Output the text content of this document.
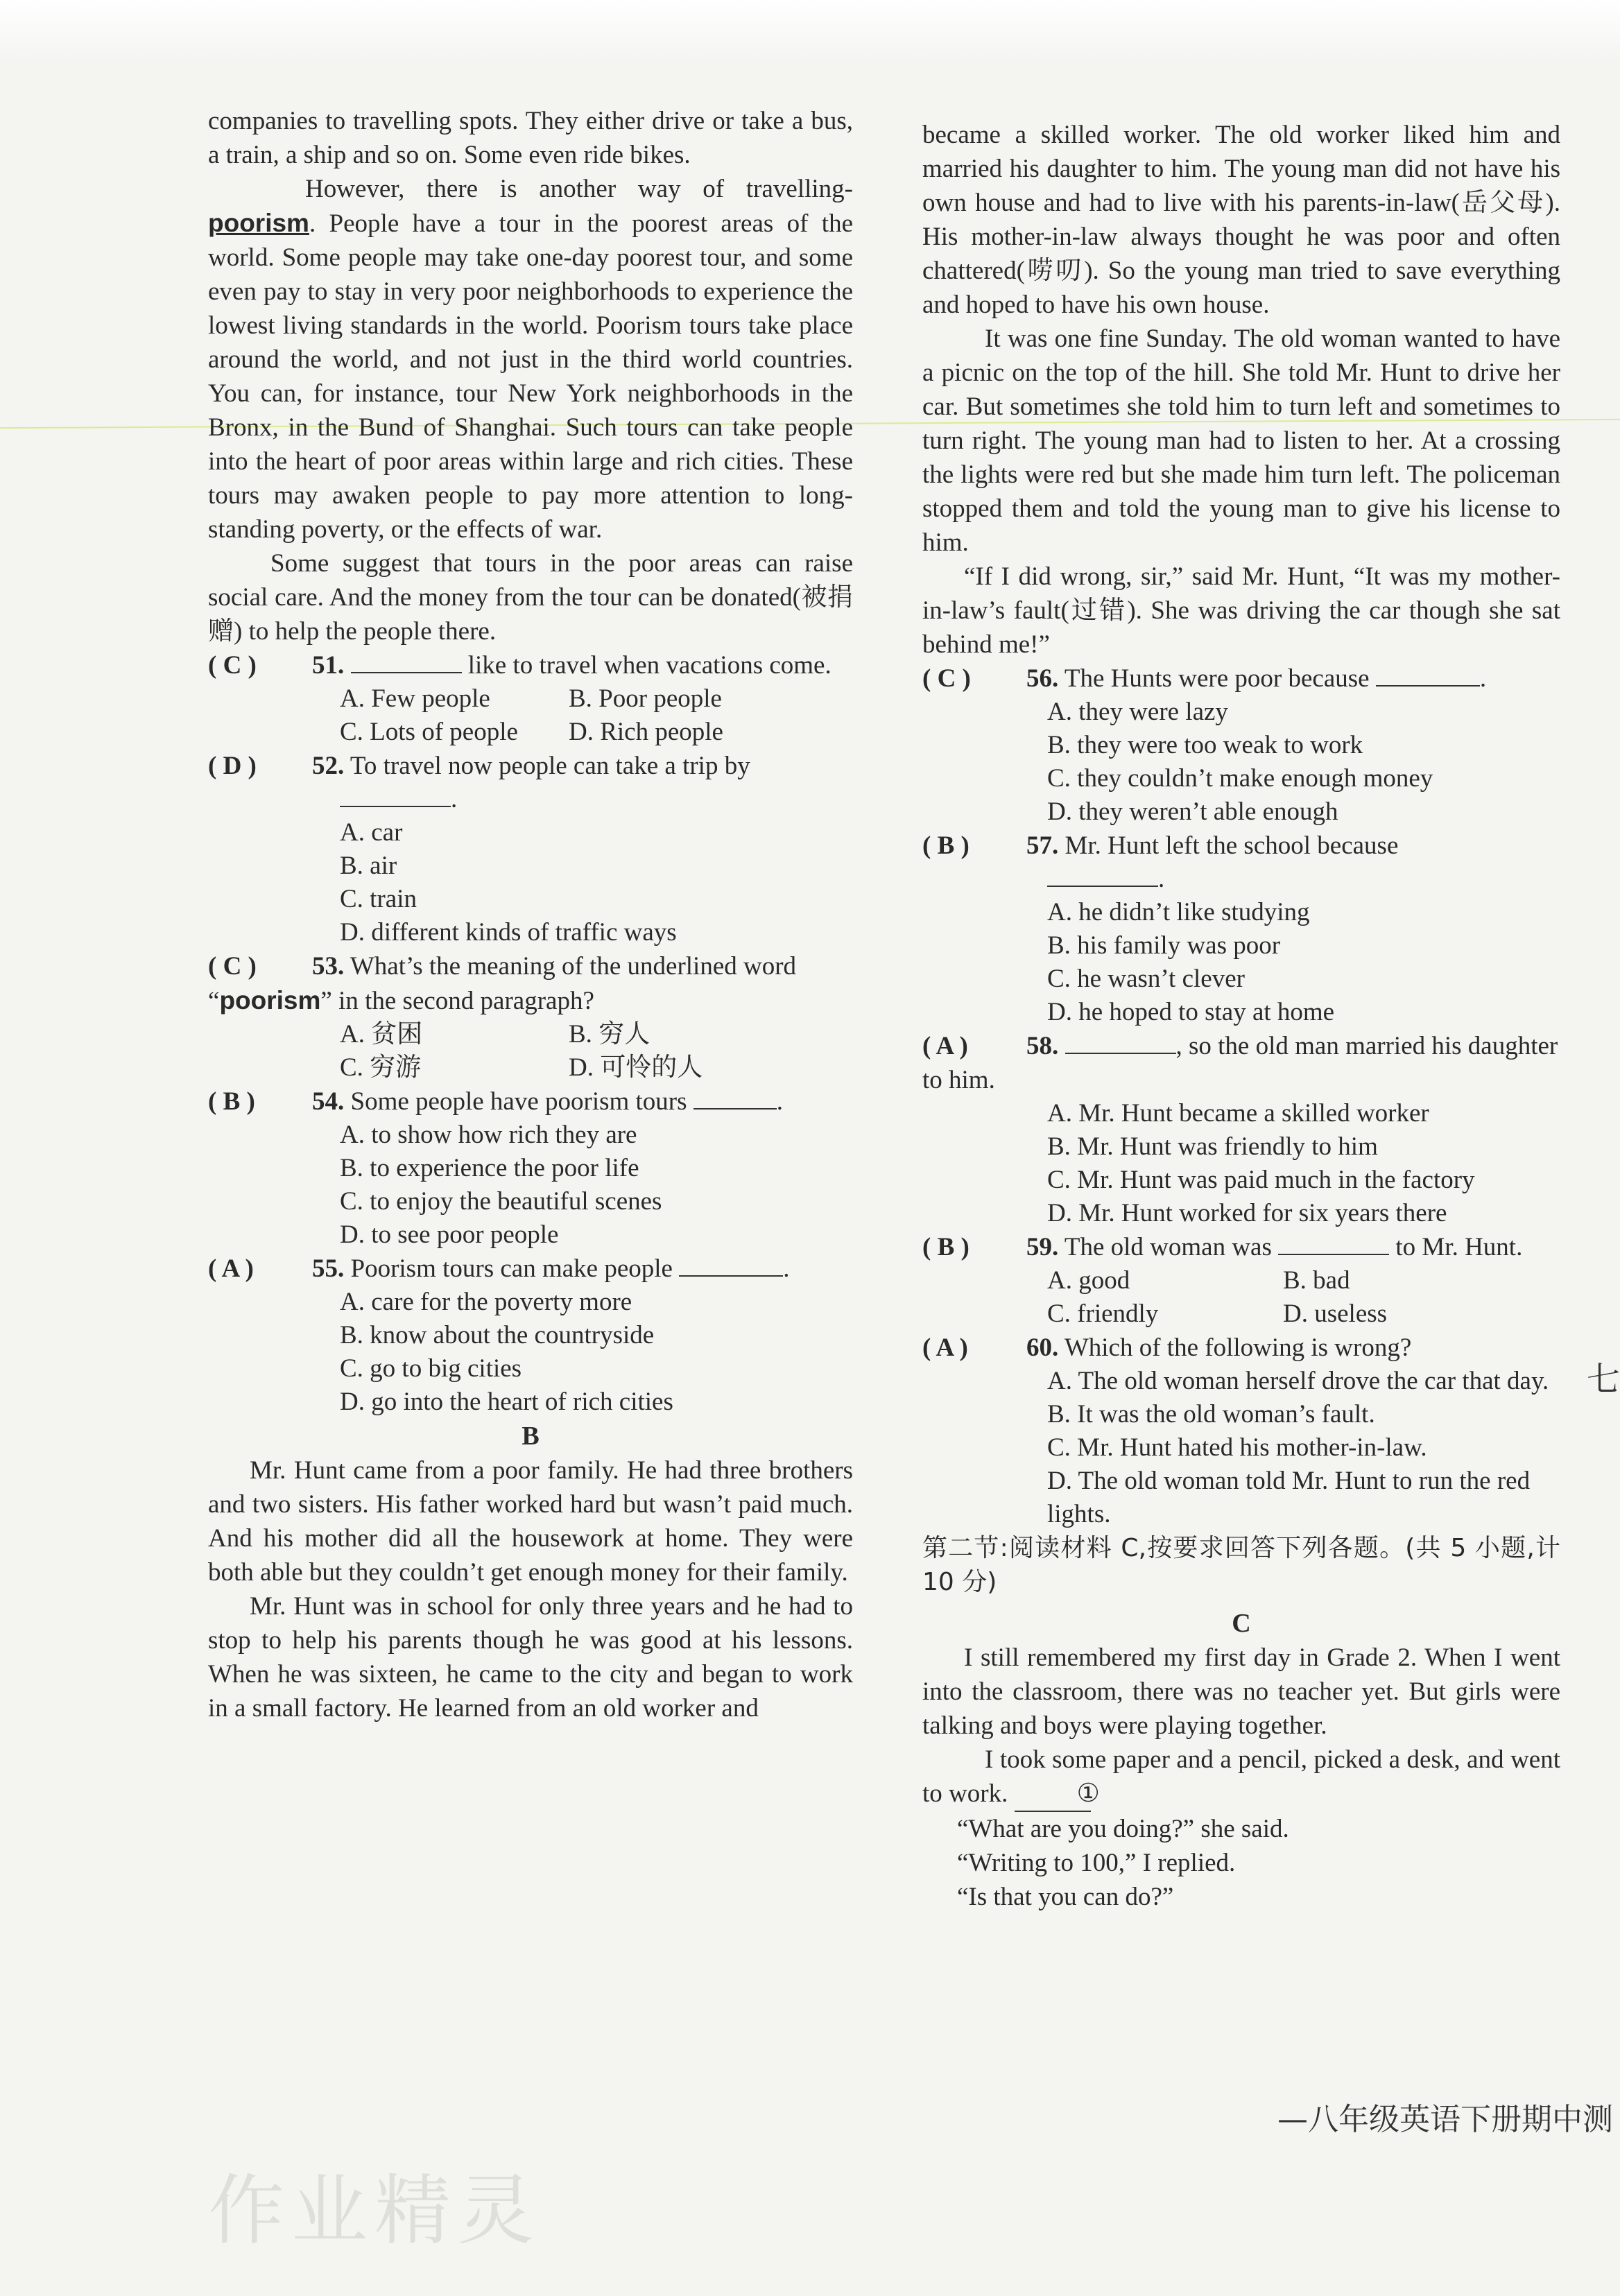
companies to travelling spots. They either drive or take a bus, a train, a ship and so on. Some even ride bikes.

However, there is another way of travelling-poorism. People have a tour in the poorest areas of the world. Some people may take one-day poorest tour, and some even pay to stay in very poor neighborhoods to experience the lowest living standards in the world. Poorism tours take place around the world, and not just in the third world countries. You can, for instance, tour New York neighborhoods in the Bronx, in the Bund of Shanghai. Such tours can take people into the heart of poor areas within large and rich cities. These tours may awaken people to pay more attention to long-standing poverty, or the effects of war.

Some suggest that tours in the poor areas can raise social care. And the money from the tour can be donated(被捐赠) to help the people there.

( C ) 51.	like to travel when vacations come.

A. Few people	B. Poor people

C. Lots of people D. Rich people

( D ) 52. To travel now people can take a trip by

.

A. car

B. air

C. train

D. different kinds of traffic ways

( C ) 53. What’s the meaning of the underlined word “poorism” in the second paragraph?

A. 贫困	B. 穷人

C. 穷游	D. 可怜的人

( B ) 54. Some people have poorism tours	.

A. to show how rich they are

B. to experience the poor life

C. to enjoy the beautiful scenes

D. to see poor people

( A ) 55. Poorism tours can make people	.

A. care for the poverty more

B. know about the countryside

C. go to big cities

D. go into the heart of rich cities

B

Mr. Hunt came from a poor family. He had three brothers and two sisters. His father worked hard but wasn’t paid much. And his mother did all the housework at home. They were both able but they couldn’t get enough money for their family.

Mr. Hunt was in school for only three years and he had to stop to help his parents though he was good at his lessons. When he was sixteen, he came to the city and began to work in a small factory. He learned from an old worker and

became a skilled worker. The old worker liked him and married his daughter to him. The young man did not have his own house and had to live with his parents-in-law(岳父母). His mother-in-law always thought he was poor and often chattered(唠叨). So the young man tried to save everything and hoped to have his own house.

It was one fine Sunday. The old woman wanted to have a picnic on the top of the hill. She told Mr. Hunt to drive her car. But sometimes she told him to turn left and sometimes to turn right. The young man had to listen to her. At a crossing the lights were red but she made him turn left. The policeman stopped them and told the young man to give his license to him.

“If I did wrong, sir,” said Mr. Hunt, “It was my mother-in-law’s fault(过错). She was driving the car though she sat behind me!”

( C ) 56. The Hunts were poor because	.

A. they were lazy

B. they were too weak to work

C. they couldn’t make enough money

D. they weren’t able enough

( B ) 57. Mr. Hunt left the school because

.

A. he didn’t like studying

B. his family was poor

C. he wasn’t clever

D. he hoped to stay at home

( A ) 58.	, so the old man married his daughter to him.

A. Mr. Hunt became a skilled worker

B. Mr. Hunt was friendly to him

C. Mr. Hunt was paid much in the factory

D. Mr. Hunt worked for six years there

( B ) 59. The old woman was	to Mr. Hunt.

A. good	B. bad

C. friendly	D. useless

( A ) 60. Which of the following is wrong?

A. The old woman herself drove the car that day.

B. It was the old woman’s fault.

C. Mr. Hunt hated his mother-in-law.

D. The old woman told Mr. Hunt to run the red lights.

第二节:阅读材料 C,按要求回答下列各题。(共 5 小题,计 10 分)

C

I still remembered my first day in Grade 2. When I went into the classroom, there was no teacher yet. But girls were talking and boys were playing together.

I took some paper and a pencil, picked a desk, and went to work.	①

“What are you doing?” she said.

“Writing to 100,” I replied.

“Is that you can do?”

七
—八年级英语下册期中测
作业精灵
